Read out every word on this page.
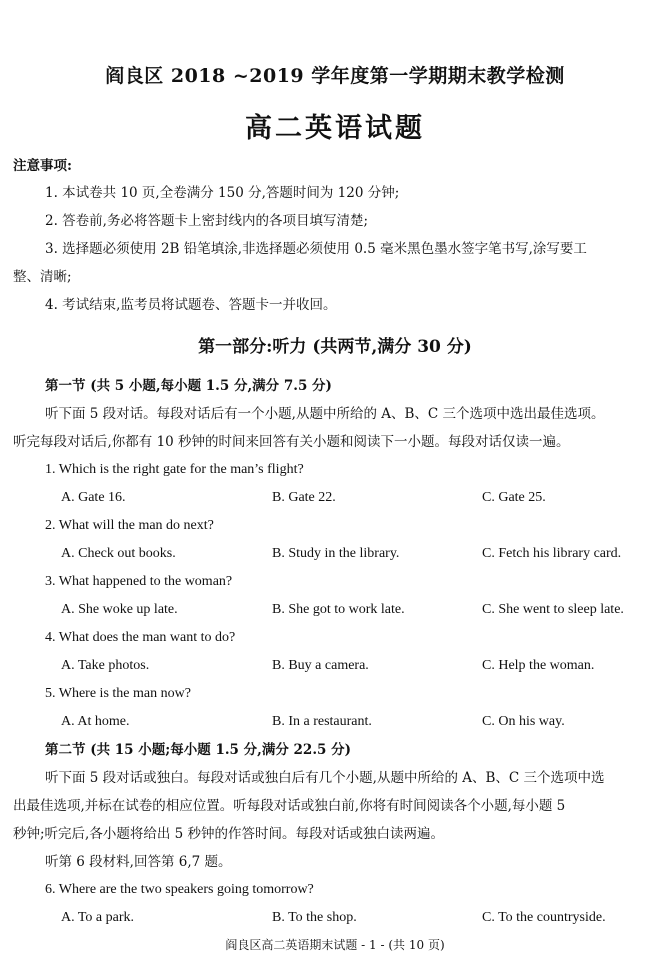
阎良区 2018 ~2019 学年度第一学期期末教学检测
高二英语试题
注意事项:
1. 本试卷共 10 页,全卷满分 150 分,答题时间为 120 分钟;
2. 答卷前,务必将答题卡上密封线内的各项目填写清楚;
3. 选择题必须使用 2B 铅笔填涂,非选择题必须使用 0.5 毫米黑色墨水签字笔书写,涂写要工
整、清晰;
4. 考试结束,监考员将试题卷、答题卡一并收回。
第一部分:听力 (共两节,满分 30 分)
第一节 (共 5 小题,每小题 1.5 分,满分 7.5 分)
听下面 5 段对话。每段对话后有一个小题,从题中所给的 A、B、C 三个选项中选出最佳选项。
听完每段对话后,你都有 10 秒钟的时间来回答有关小题和阅读下一小题。每段对话仅读一遍。
1. Which is the right gate for the man’s flight?
A. Gate 16.	B. Gate 22.	C. Gate 25.
2. What will the man do next?
A. Check out books.	B. Study in the library.	C. Fetch his library card.
3. What happened to the woman?
A. She woke up late.	B. She got to work late.	C. She went to sleep late.
4. What does the man want to do?
A. Take photos.	B. Buy a camera.	C. Help the woman.
5. Where is the man now?
A. At home.	B. In a restaurant.	C. On his way.
第二节 (共 15 小题;每小题 1.5 分,满分 22.5 分)
听下面 5 段对话或独白。每段对话或独白后有几个小题,从题中所给的 A、B、C 三个选项中选
出最佳选项,并标在试卷的相应位置。听每段对话或独白前,你将有时间阅读各个小题,每小题 5
秒钟;听完后,各小题将给出 5 秒钟的作答时间。每段对话或独白读两遍。
听第 6 段材料,回答第 6,7 题。
6. Where are the two speakers going tomorrow?
A. To a park.	B. To the shop.	C. To the countryside.
阎良区高二英语期末试题 - 1 - (共 10 页)
